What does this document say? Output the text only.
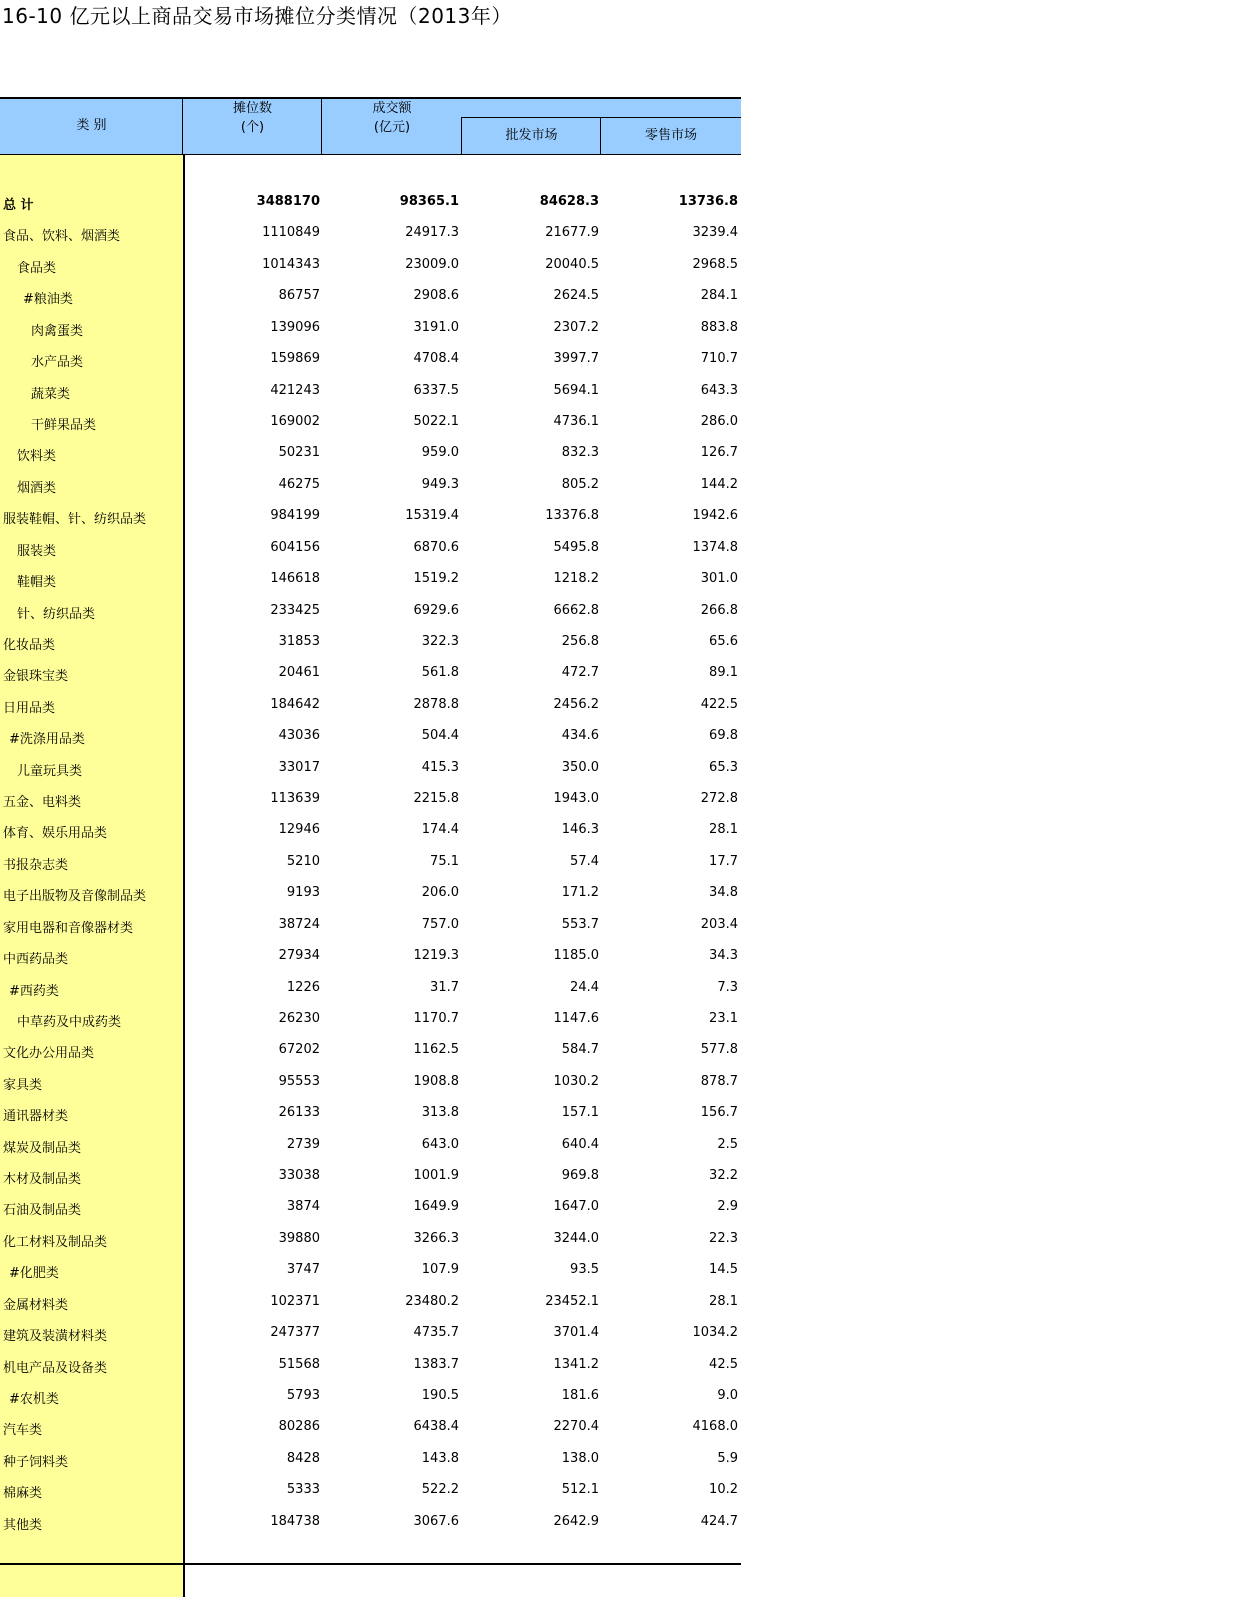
16-10 亿元以上商品交易市场摊位分类情况（2013年）
类 别
摊位数
(个)
成交额
(亿元)
批发市场	零售市场
总 计	3488170	98365.1	84628.3	13736.8
食品、饮料、烟酒类	1110849	24917.3	21677.9	3239.4
食品类	1014343	23009.0	20040.5	2968.5
#粮油类	86757	2908.6	2624.5	284.1
肉禽蛋类	139096	3191.0	2307.2	883.8
水产品类	159869	4708.4	3997.7	710.7
蔬菜类	421243	6337.5	5694.1	643.3
干鲜果品类	169002	5022.1	4736.1	286.0
饮料类	50231	959.0	832.3	126.7
烟酒类	46275	949.3	805.2	144.2
服装鞋帽、针、纺织品类	984199	15319.4	13376.8	1942.6
服装类	604156	6870.6	5495.8	1374.8
鞋帽类	146618	1519.2	1218.2	301.0
针、纺织品类	233425	6929.6	6662.8	266.8
化妆品类	31853	322.3	256.8	65.6
金银珠宝类	20461	561.8	472.7	89.1
日用品类	184642	2878.8	2456.2	422.5
#洗涤用品类	43036	504.4	434.6	69.8
儿童玩具类	33017	415.3	350.0	65.3
五金、电料类	113639	2215.8	1943.0	272.8
体育、娱乐用品类	12946	174.4	146.3	28.1
书报杂志类	5210	75.1	57.4	17.7
电子出版物及音像制品类	9193	206.0	171.2	34.8
家用电器和音像器材类	38724	757.0	553.7	203.4
中西药品类	27934	1219.3	1185.0	34.3
#西药类	1226	31.7	24.4	7.3
中草药及中成药类	26230	1170.7	1147.6	23.1
文化办公用品类	67202	1162.5	584.7	577.8
家具类	95553	1908.8	1030.2	878.7
通讯器材类	26133	313.8	157.1	156.7
煤炭及制品类	2739	643.0	640.4	2.5
木材及制品类	33038	1001.9	969.8	32.2
石油及制品类	3874	1649.9	1647.0	2.9
化工材料及制品类	39880	3266.3	3244.0	22.3
#化肥类	3747	107.9	93.5	14.5
金属材料类	102371	23480.2	23452.1	28.1
建筑及装潢材料类	247377	4735.7	3701.4	1034.2
机电产品及设备类	51568	1383.7	1341.2	42.5
#农机类	5793	190.5	181.6	9.0
汽车类	80286	6438.4	2270.4	4168.0
种子饲料类	8428	143.8	138.0	5.9
棉麻类	5333	522.2	512.1	10.2
其他类	184738	3067.6	2642.9	424.7
